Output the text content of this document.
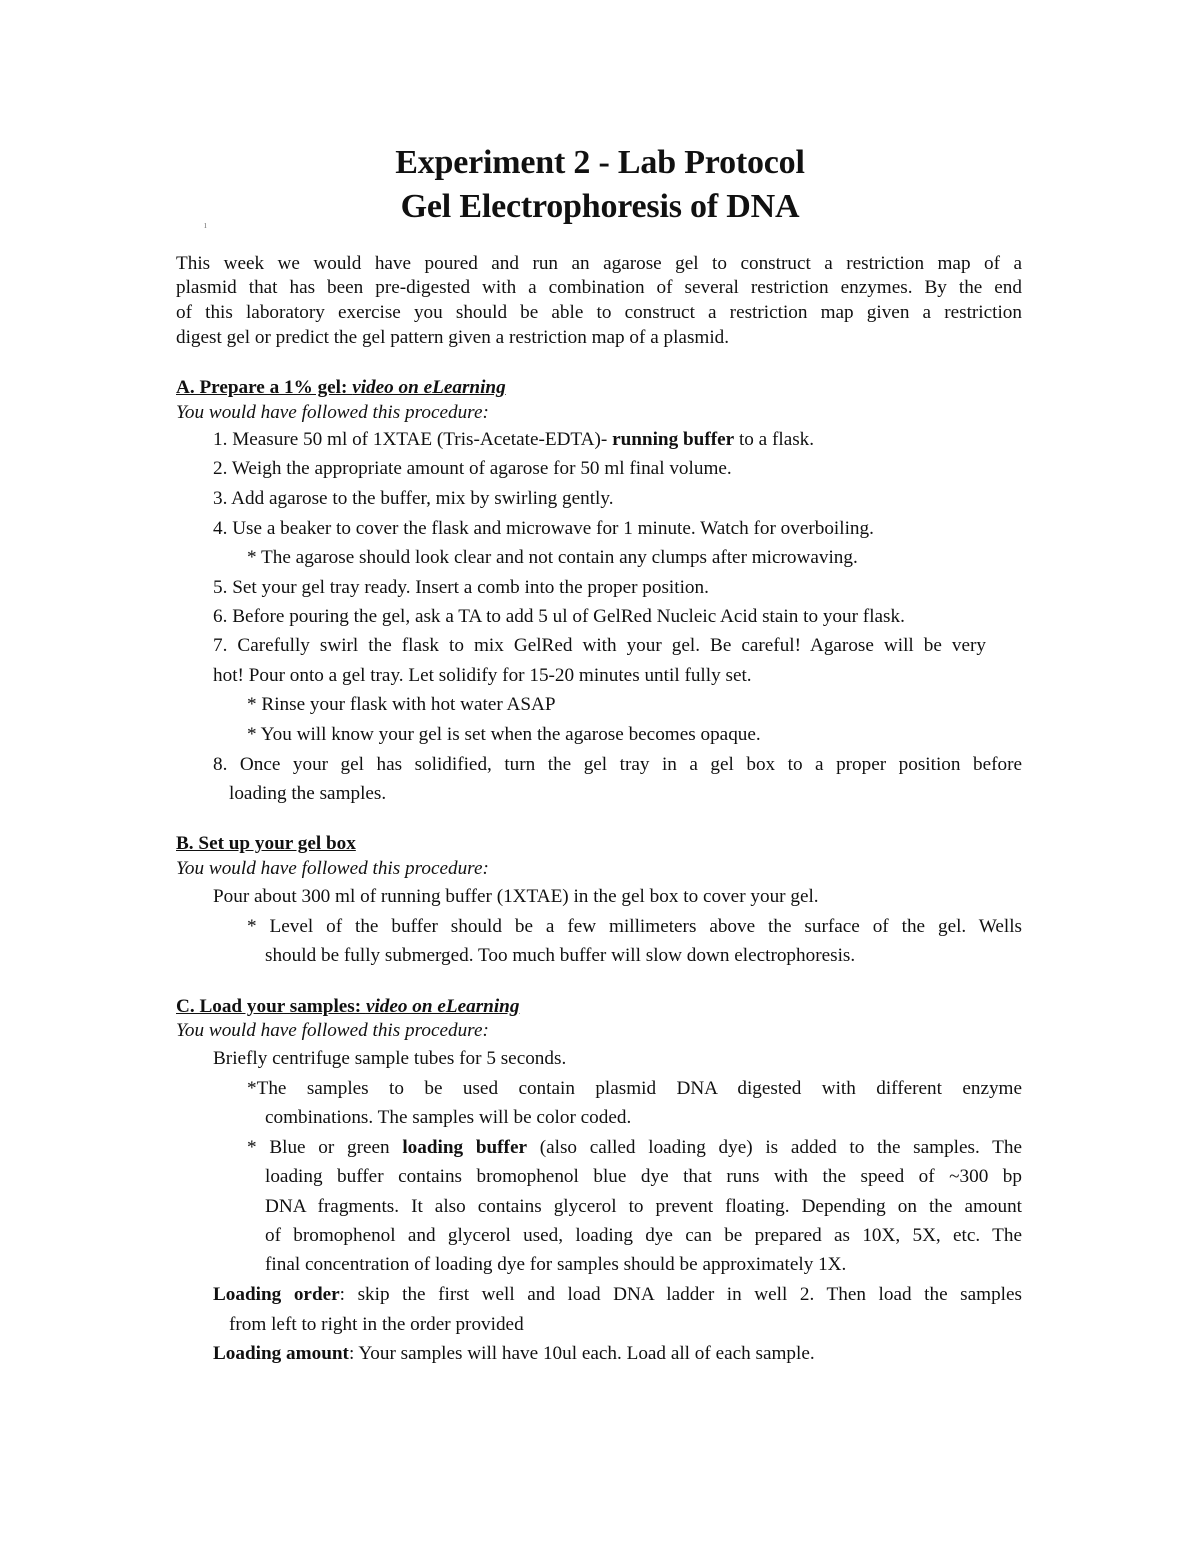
Experiment 2 - Lab Protocol
Gel Electrophoresis of DNA
ı
This week we would have poured and run an agarose gel to construct a restriction map of a
plasmid that has been pre-digested with a combination of several restriction enzymes. By the end
of this laboratory exercise you should be able to construct a restriction map given a restriction
digest gel or predict the gel pattern given a restriction map of a plasmid.
A. Prepare a 1% gel: video on eLearning
You would have followed this procedure:
1. Measure 50 ml of 1XTAE (Tris-Acetate-EDTA)- running buffer to a flask.
2. Weigh the appropriate amount of agarose for 50 ml final volume.
3. Add agarose to the buffer, mix by swirling gently.
4. Use a beaker to cover the flask and microwave for 1 minute. Watch for overboiling.
* The agarose should look clear and not contain any clumps after microwaving.
5. Set your gel tray ready. Insert a comb into the proper position.
6. Before pouring the gel, ask a TA to add 5 ul of GelRed Nucleic Acid stain to your flask.
7. Carefully swirl the flask to mix GelRed with your gel. Be careful! Agarose will be very
hot! Pour onto a gel tray. Let solidify for 15-20 minutes until fully set.
* Rinse your flask with hot water ASAP
* You will know your gel is set when the agarose becomes opaque.
8. Once your gel has solidified, turn the gel tray in a gel box to a proper position before
loading the samples.
B. Set up your gel box
You would have followed this procedure:
Pour about 300 ml of running buffer (1XTAE) in the gel box to cover your gel.
* Level of the buffer should be a few millimeters above the surface of the gel. Wells
should be fully submerged. Too much buffer will slow down electrophoresis.
C. Load your samples: video on eLearning
You would have followed this procedure:
Briefly centrifuge sample tubes for 5 seconds.
*The samples to be used contain plasmid DNA digested with different enzyme
combinations. The samples will be color coded.
* Blue or green loading buffer (also called loading dye) is added to the samples. The
loading buffer contains bromophenol blue dye that runs with the speed of ~300 bp
DNA fragments. It also contains glycerol to prevent floating. Depending on the amount
of bromophenol and glycerol used, loading dye can be prepared as 10X, 5X, etc. The
final concentration of loading dye for samples should be approximately 1X.
Loading order: skip the first well and load DNA ladder in well 2. Then load the samples
from left to right in the order provided
Loading amount: Your samples will have 10ul each. Load all of each sample.
